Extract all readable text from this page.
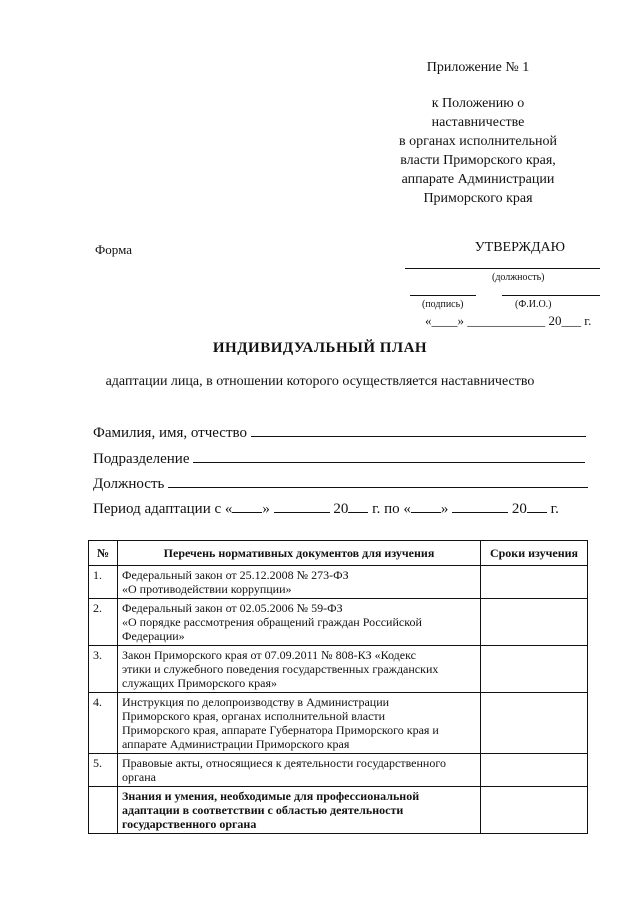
Приложение № 1
к Положению о
наставничестве
в органах исполнительной
власти Приморского края,
аппарате Администрации
Приморского края
Форма	УТВЕРЖДАЮ
(должность)
(подпись)	(Ф.И.О.)
«____» ____________ 20___ г.
ИНДИВИДУАЛЬНЫЙ ПЛАН
адаптации лица, в отношении которого осуществляется наставничество
Фамилия, имя, отчество
Подразделение
Должность
Период адаптации с « »	20 г. по « »	20 г.
№	Перечень нормативных документов для изучения	Сроки изучения
1.	Федеральный закон от 25.12.2008 № 273-ФЗ
«О противодействии коррупции»	

2.	Федеральный закон от 02.05.2006 № 59-ФЗ
«О порядке рассмотрения обращений граждан Российской
Федерации»	

3.	Закон Приморского края от 07.09.2011 № 808-КЗ «Кодекс
этики и служебного поведения государственных гражданских
служащих Приморского края»	

4.	Инструкция по делопроизводству в Администрации
Приморского края, органах исполнительной власти
Приморского края, аппарате Губернатора Приморского края и
аппарате Администрации Приморского края	

5.	Правовые акты, относящиеся к деятельности государственного
органа	

	Знания и умения, необходимые для профессиональной
адаптации в соответствии с областью деятельности
государственного органа	
